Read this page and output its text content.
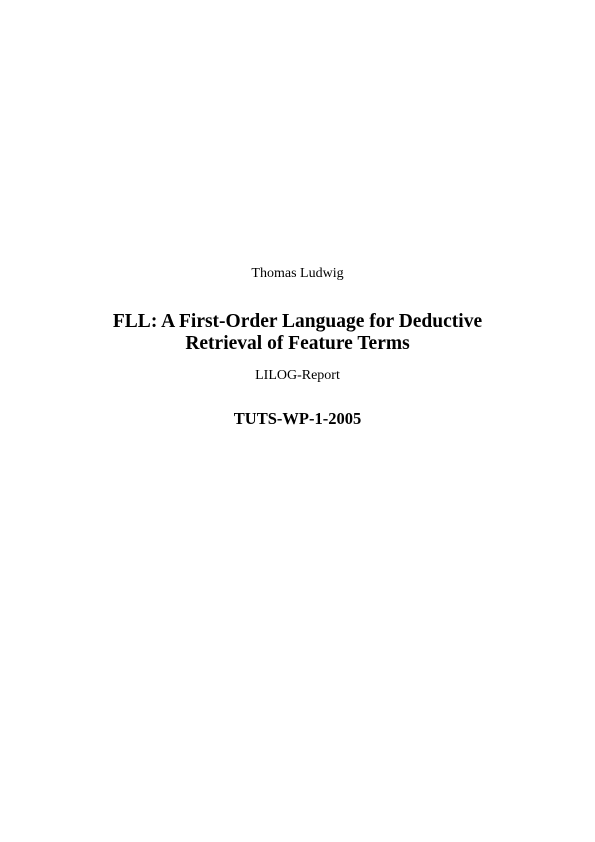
Thomas Ludwig
FLL: A First-Order Language for Deductive
Retrieval of Feature Terms
LILOG-Report
TUTS-WP-1-2005
